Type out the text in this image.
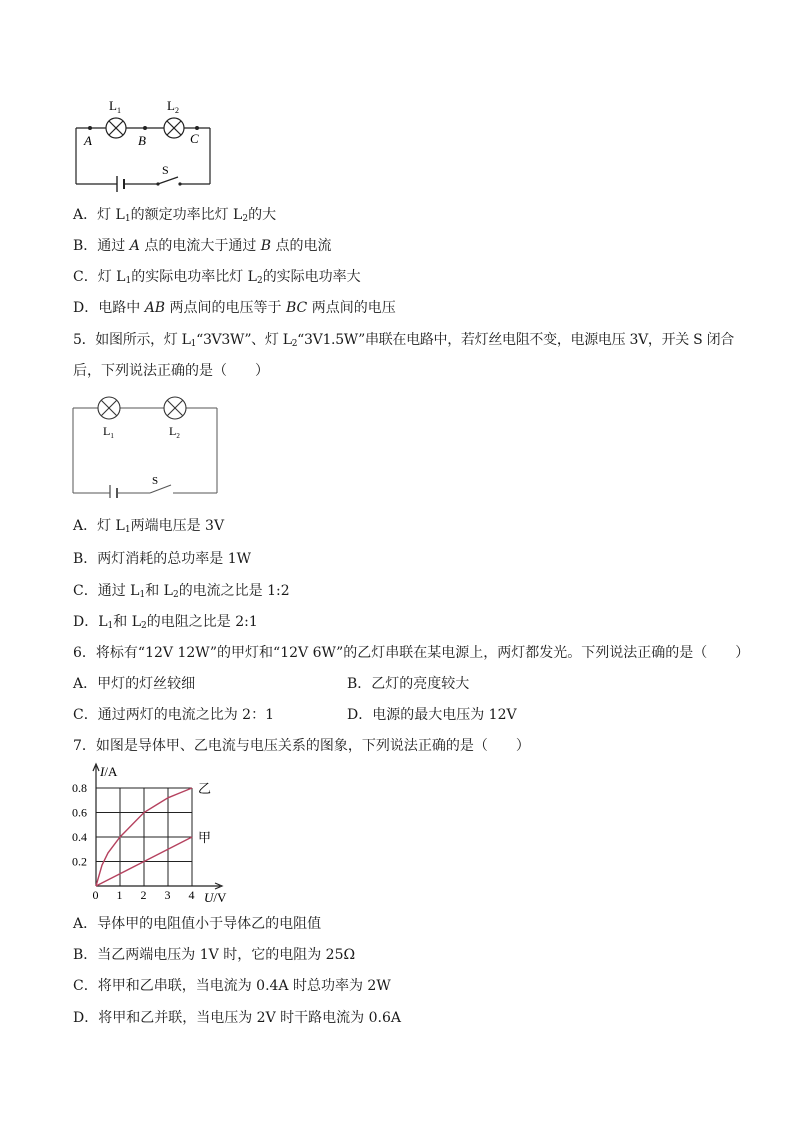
$L_1$	$L_2$
A	B	C
S
A．灯 $L_1$的额定功率比灯 $L_2$的大
B．通过 A 点的电流大于通过 B 点的电流
C．灯 $L_1$的实际电功率比灯 $L_2$的实际电功率大
D．电路中 AB 两点间的电压等于 BC 两点间的电压
5．如图所示，灯 $L_1“3V3W$”、灯 $L_2“3V1.5W$”串联在电路中，若灯丝电阻不变，电源电压 3V，开关 S 闭合
后，下列说法正确的是（　　）
$L_1$	$L_2$
S
A．灯 $L_1$两端电压是 3V
B．两灯消耗的总功率是 1W
C．通过 $L_1$和 $L_2$的电流之比是 1:2
D．$L_1$和 $L_2$的电阻之比是 2:1
6．将标有“12V 12W”的甲灯和“12V 6W”的乙灯串联在某电源上，两灯都发光。下列说法正确的是（　　）
A．甲灯的灯丝较细	B．乙灯的亮度较大
C．通过两灯的电流之比为 2：1	D．电源的最大电压为 12V
7．如图是导体甲、乙电流与电压关系的图象，下列说法正确的是（　　）
甲
乙
0 1 2 3 4
0.2
0.4
0.6
0.8
I/A
U/V
A．导体甲的电阻值小于导体乙的电阻值
B．当乙两端电压为 1V 时，它的电阻为 25Ω
C．将甲和乙串联，当电流为 0.4A 时总功率为 2W
D．将甲和乙并联，当电压为 2V 时干路电流为 0.6A
